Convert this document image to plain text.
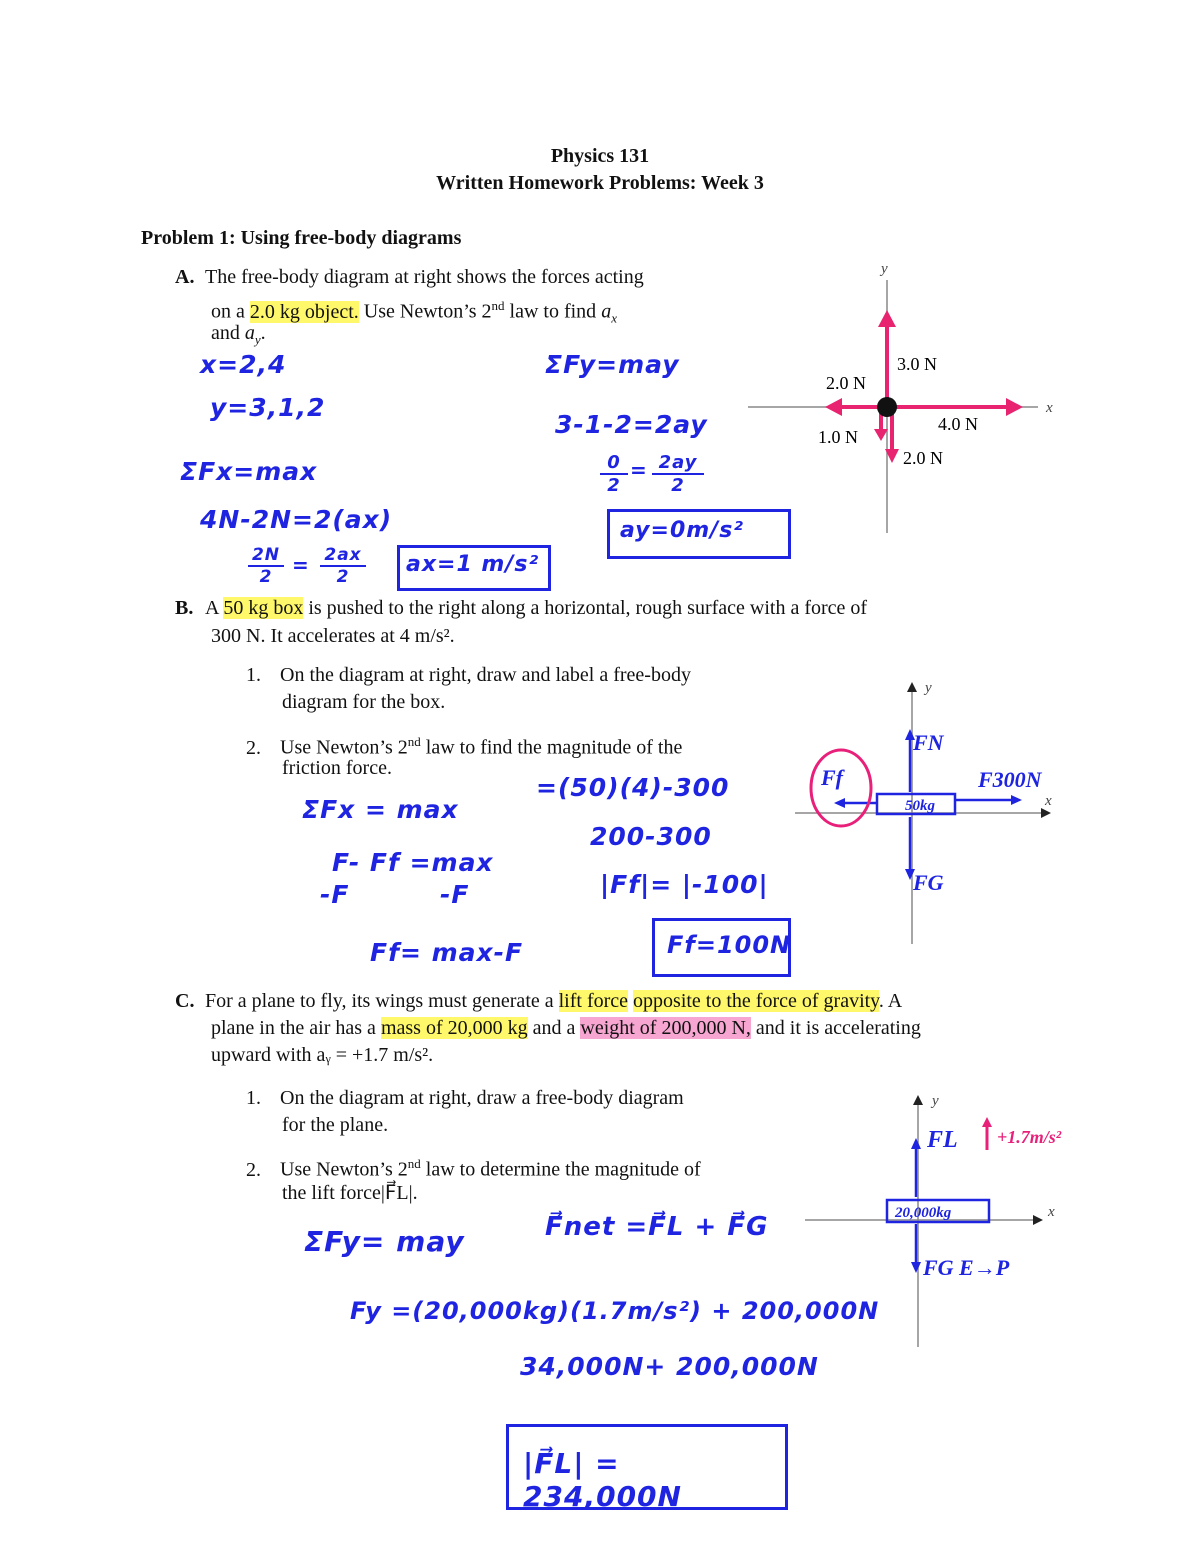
Physics 131
Written Homework Problems: Week 3
Problem 1: Using free-body diagrams
A. The free-body diagram at right shows the forces acting
on a 2.0 kg object. Use Newton’s 2nd law to find $a_x$
and $a_y$.
y
x
3.0 N
2.0 N
4.0 N
1.0 N
2.0 N
x=2,4
y=3,1,2
ΣFx=max
4N-2N=2(ax)
$\frac{2N}{2} = \frac{2ax}{2} ax=1$ m/s²
ΣFy=may
3-1-2=2ay
$\frac{0}{2} = \frac{2ay}{2}$
ay=0m/s²
B. A 50 kg box is pushed to the right along a horizontal, rough surface with a force of
300 N. It accelerates at 4 m/s².
1. On the diagram at right, draw and label a free-body
diagram for the box.
2. Use Newton’s 2nd law to find the magnitude of the
friction force.
y
x
50kg
FN
FG
F300N
Ff
ΣFx = max
F- Ff =max
-F	-F
Ff= max-F
=(50)(4)-300
200-300
|Ff|= |-100|
Ff=100N
C. For a plane to fly, its wings must generate a lift force opposite to the force of gravity. A
plane in the air has a mass of 20,000 kg and a weight of 200,000 N, and it is accelerating
upward with aᵧ = +1.7 m/s².
1. On the diagram at right, draw a free-body diagram
for the plane.
2. Use Newton’s 2nd law to determine the magnitude of
the lift force|F⃗L|.
y
x
20,000kg
FL +1.7m/s²
FG E→P
ΣFy= may	F⃗net =F⃗L + F⃗G
Fy =(20,000kg)(1.7m/s²) + 200,000N
34,000N+ 200,000N
|F⃗L| = 234,000N
